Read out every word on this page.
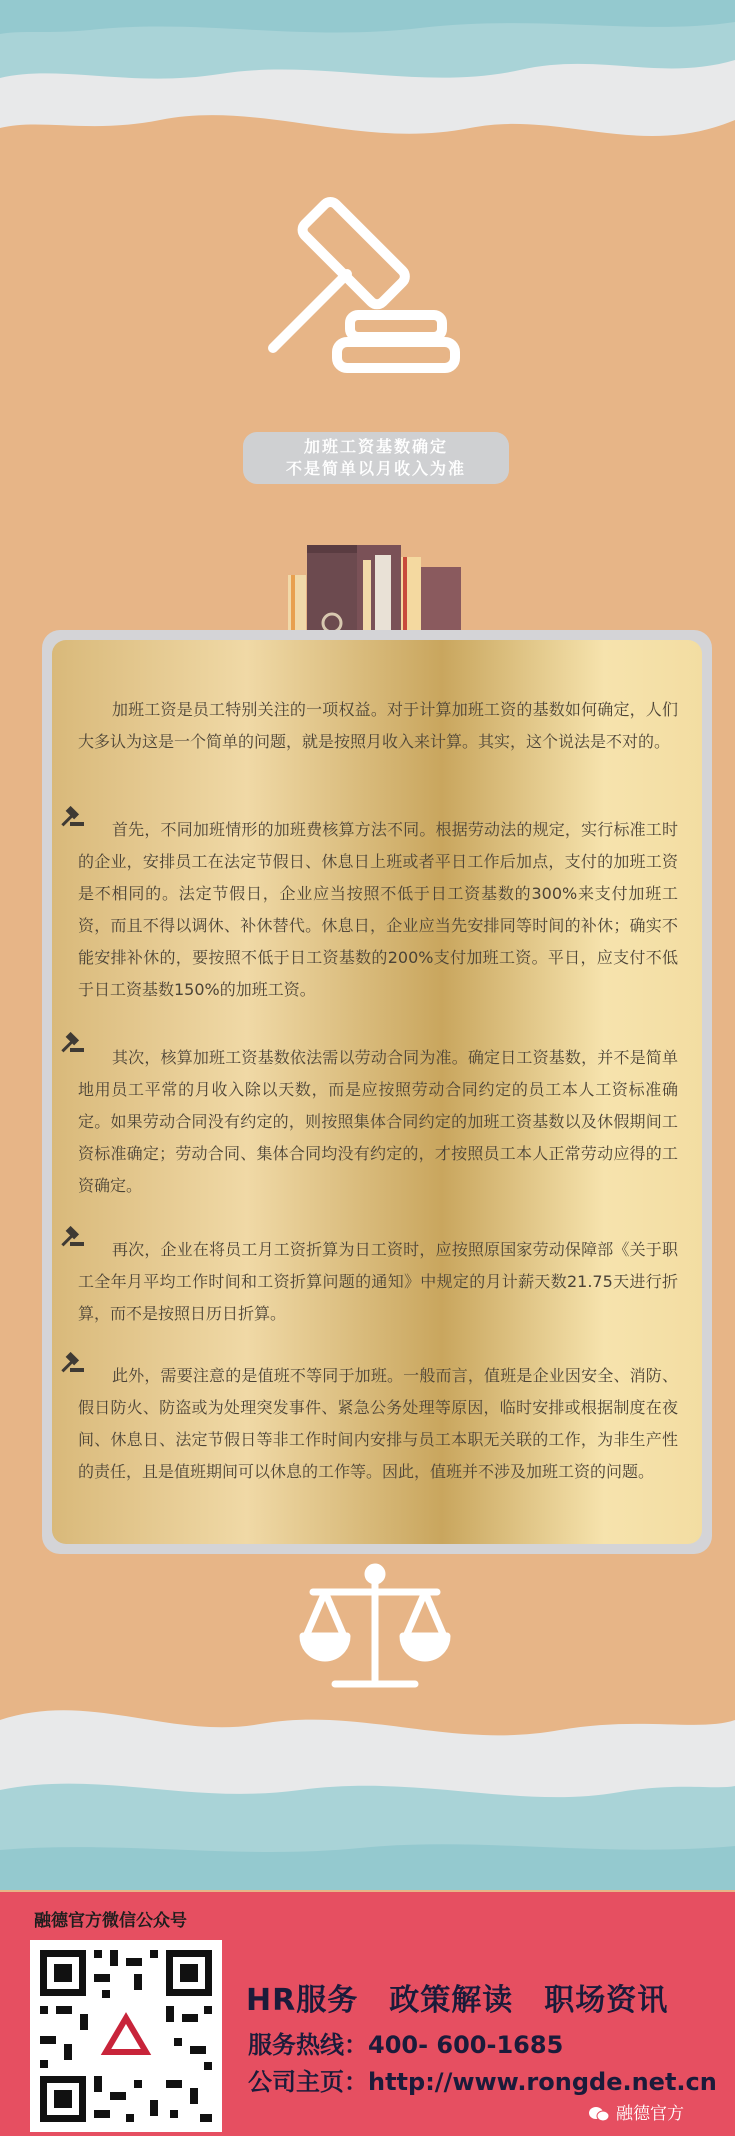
加班工资基数确定
不是简单以月收入为准

加班工资是员工特别关注的一项权益。对于计算加班工资的基数如何确定，人们大多认为这是一个简单的问题，就是按照月收入来计算。其实，这个说法是不对的。

首先，不同加班情形的加班费核算方法不同。根据劳动法的规定，实行标准工时的企业，安排员工在法定节假日、休息日上班或者平日工作后加点，支付的加班工资是不相同的。法定节假日，企业应当按照不低于日工资基数的300%来支付加班工资，而且不得以调休、补休替代。休息日，企业应当先安排同等时间的补休；确实不能安排补休的，要按照不低于日工资基数的200%支付加班工资。平日，应支付不低于日工资基数150%的加班工资。

其次，核算加班工资基数依法需以劳动合同为准。确定日工资基数，并不是简单地用员工平常的月收入除以天数，而是应按照劳动合同约定的员工本人工资标准确定。如果劳动合同没有约定的，则按照集体合同约定的加班工资基数以及休假期间工资标准确定；劳动合同、集体合同均没有约定的，才按照员工本人正常劳动应得的工资确定。

再次，企业在将员工月工资折算为日工资时，应按照原国家劳动保障部《关于职工全年月平均工作时间和工资折算问题的通知》中规定的月计薪天数21.75天进行折算，而不是按照日历日折算。

此外，需要注意的是值班不等同于加班。一般而言，值班是企业因安全、消防、假日防火、防盗或为处理突发事件、紧急公务处理等原因，临时安排或根据制度在夜间、休息日、法定节假日等非工作时间内安排与员工本职无关联的工作，为非生产性的责任，且是值班期间可以休息的工作等。因此，值班并不涉及加班工资的问题。

融德官方微信公众号
HR服务　政策解读　职场资讯
服务热线：400- 600-1685
公司主页：http://www.rongde.net.cn
融德官方
